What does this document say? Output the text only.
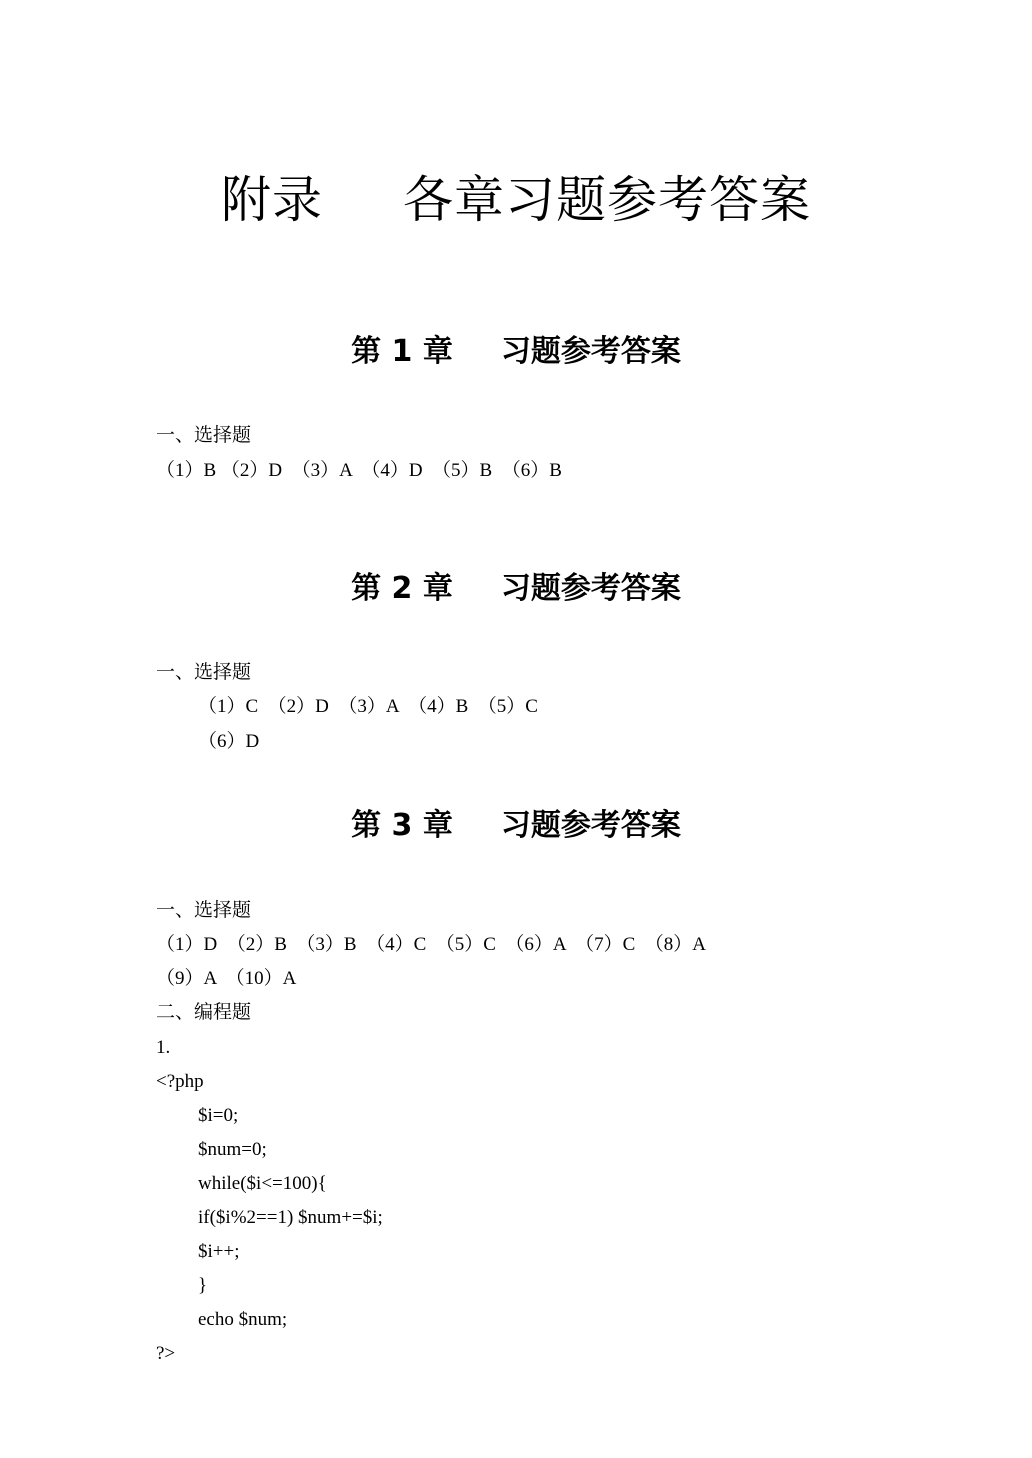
附录 各章习题参考答案
第 1 章 习题参考答案

一、选择题

（1）B （2）D  （3）A  （4）D  （5）B  （6）B

第 2 章 习题参考答案

一、选择题

（1）C  （2）D  （3）A  （4）B  （5）C

（6）D

第 3 章 习题参考答案

一、选择题

（1）D  （2）B  （3）B  （4）C  （5）C  （6）A  （7）C  （8）A

（9）A  （10）A

二、编程题

1.

<?php

$i=0;

$num=0;

while($i<=100){

if($i%2==1) $num+=$i;

$i++;

}

echo $num;

?>
